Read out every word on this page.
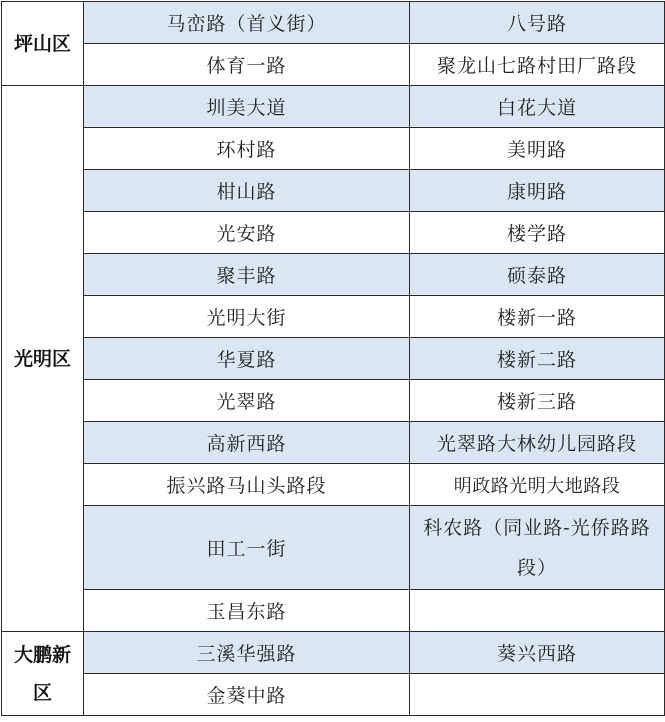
坪山区	马峦路（首义街）	八号路
	体育一路	聚龙山七路村田厂路段
光明区	圳美大道	白花大道
	环村路	美明路
	柑山路	康明路
	光安路	楼学路
	聚丰路	硕泰路
	光明大街	楼新一路
	华夏路	楼新二路
	光翠路	楼新三路
	高新西路	光翠路大林幼儿园路段
	振兴路马山头路段	明政路光明大地路段
	田工一街	科农路（同业路-光侨路路段）
	玉昌东路	
大鹏新区	三溪华强路	葵兴西路
	金葵中路	
